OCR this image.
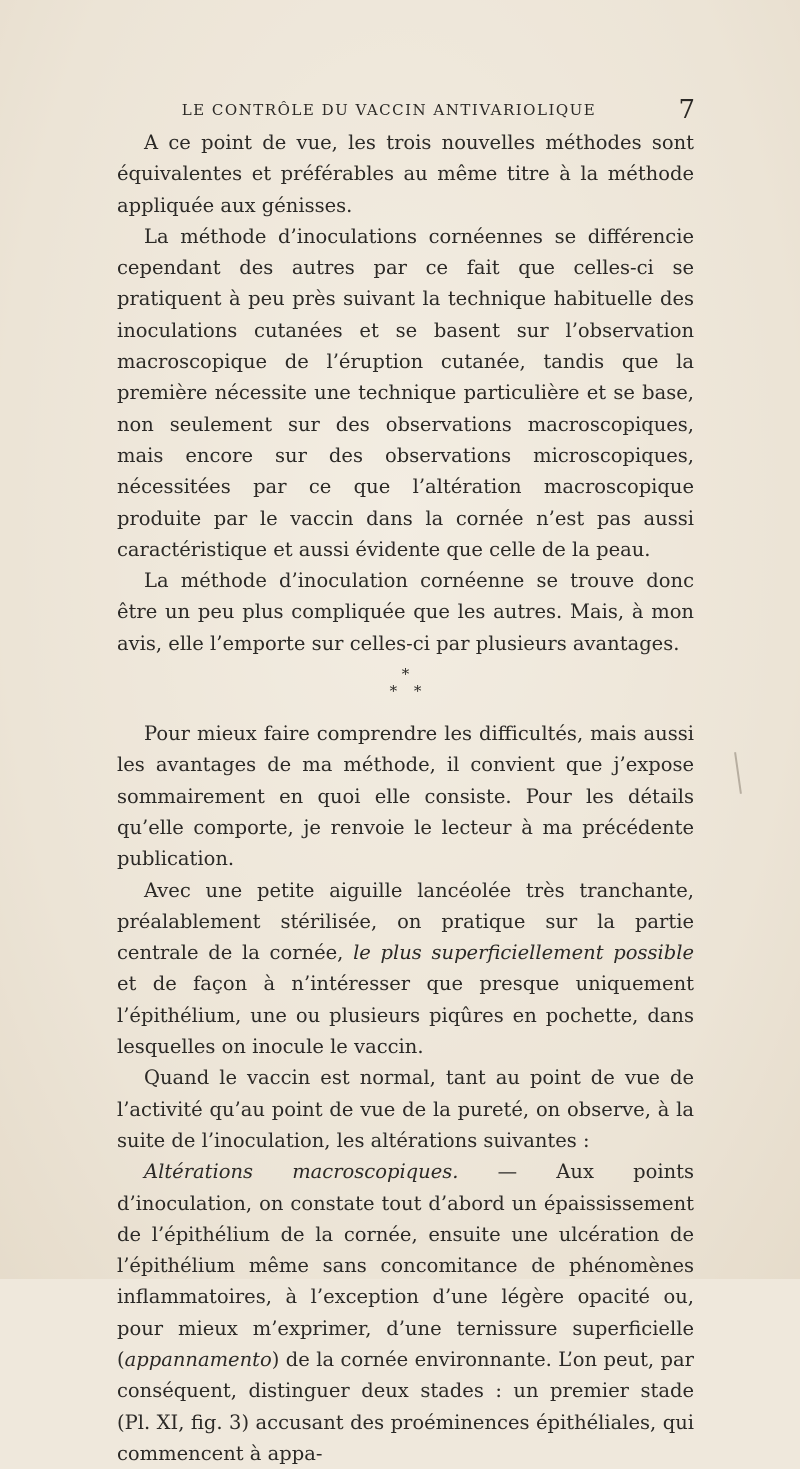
LE CONTRÔLE DU VACCIN ANTIVARIOLIQUE	7

A ce point de vue, les trois nouvelles méthodes sont équivalentes et préférables au même titre à la méthode appliquée aux génisses.

La méthode d’inoculations cornéennes se différencie cependant des autres par ce fait que celles-ci se pratiquent à peu près suivant la technique habituelle des inoculations cutanées et se basent sur l’observation macroscopique de l’éruption cutanée, tandis que la première nécessite une technique particulière et se base, non seulement sur des observations macroscopiques, mais encore sur des observations microscopiques, nécessitées par ce que l’altération macroscopique produite par le vaccin dans la cornée n’est pas aussi caractéristique et aussi évidente que celle de la peau.

La méthode d’inoculation cornéenne se trouve donc être un peu plus compliquée que les autres. Mais, à mon avis, elle l’emporte sur celles-ci par plusieurs avantages.

*
* *

Pour mieux faire comprendre les difficultés, mais aussi les avantages de ma méthode, il convient que j’expose sommairement en quoi elle consiste. Pour les détails qu’elle comporte, je renvoie le lecteur à ma précédente publication.

Avec une petite aiguille lancéolée très tranchante, préalablement stérilisée, on pratique sur la partie centrale de la cornée, le plus superficiellement possible et de façon à n’intéresser que presque uniquement l’épithélium, une ou plusieurs piqûres en pochette, dans lesquelles on inocule le vaccin.

Quand le vaccin est normal, tant au point de vue de l’activité qu’au point de vue de la pureté, on observe, à la suite de l’inoculation, les altérations suivantes :

Altérations macroscopiques. — Aux points d’inoculation, on constate tout d’abord un épaississement de l’épithélium de la cornée, ensuite une ulcération de l’épithélium même sans concomitance de phénomènes inflammatoires, à l’exception d’une légère opacité ou, pour mieux m’exprimer, d’une ternissure superficielle (appannamento) de la cornée environnante. L’on peut, par conséquent, distinguer deux stades : un premier stade (Pl. XI, fig. 3) accusant des proéminences épithéliales, qui commencent à appa-
